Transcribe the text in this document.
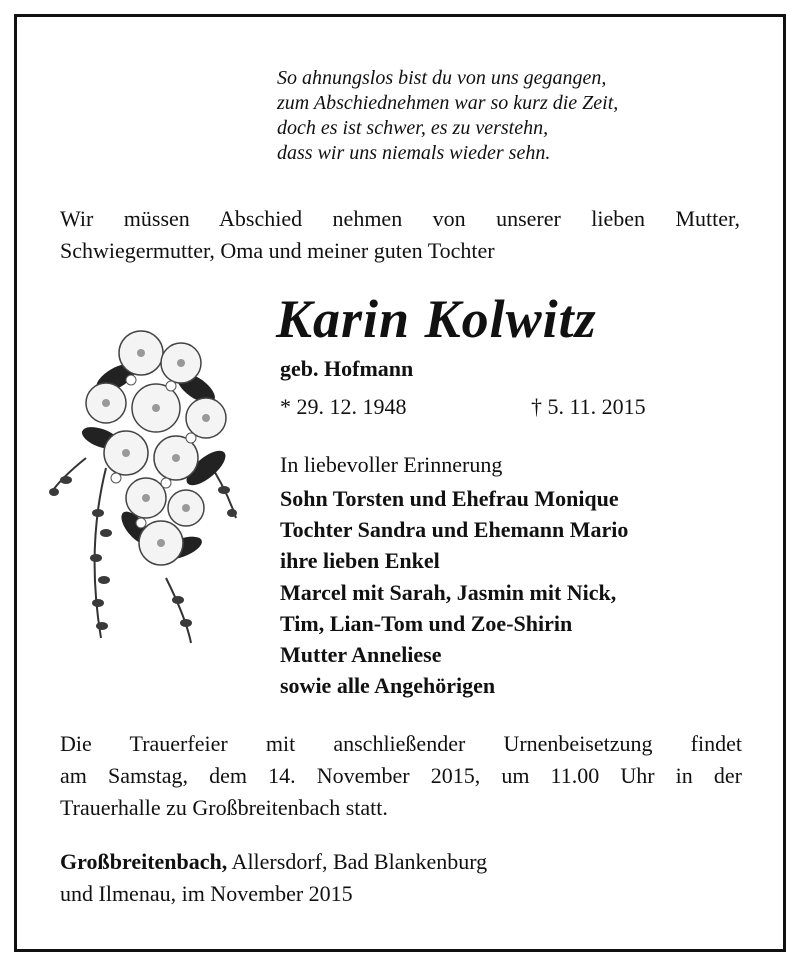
So ahnungslos bist du von uns gegangen,
zum Abschiednehmen war so kurz die Zeit,
doch es ist schwer, es zu verstehn,
dass wir uns niemals wieder sehn.
Wir müssen Abschied nehmen von unserer lieben Mutter,
Schwiegermutter, Oma und meiner guten Tochter
Karin Kolwitz
geb. Hofmann
* 29. 12. 1948	† 5. 11. 2015
In liebevoller Erinnerung
Sohn Torsten und Ehefrau Monique
Tochter Sandra und Ehemann Mario
ihre lieben Enkel
Marcel mit Sarah, Jasmin mit Nick,
Tim, Lian-Tom und Zoe-Shirin
Mutter Anneliese
sowie alle Angehörigen
Die Trauerfeier mit anschließender Urnenbeisetzung findet
am Samstag, dem 14. November 2015, um 11.00 Uhr in der
Trauerhalle zu Großbreitenbach statt.
Großbreitenbach, Allersdorf, Bad Blankenburg
und Ilmenau, im November 2015
